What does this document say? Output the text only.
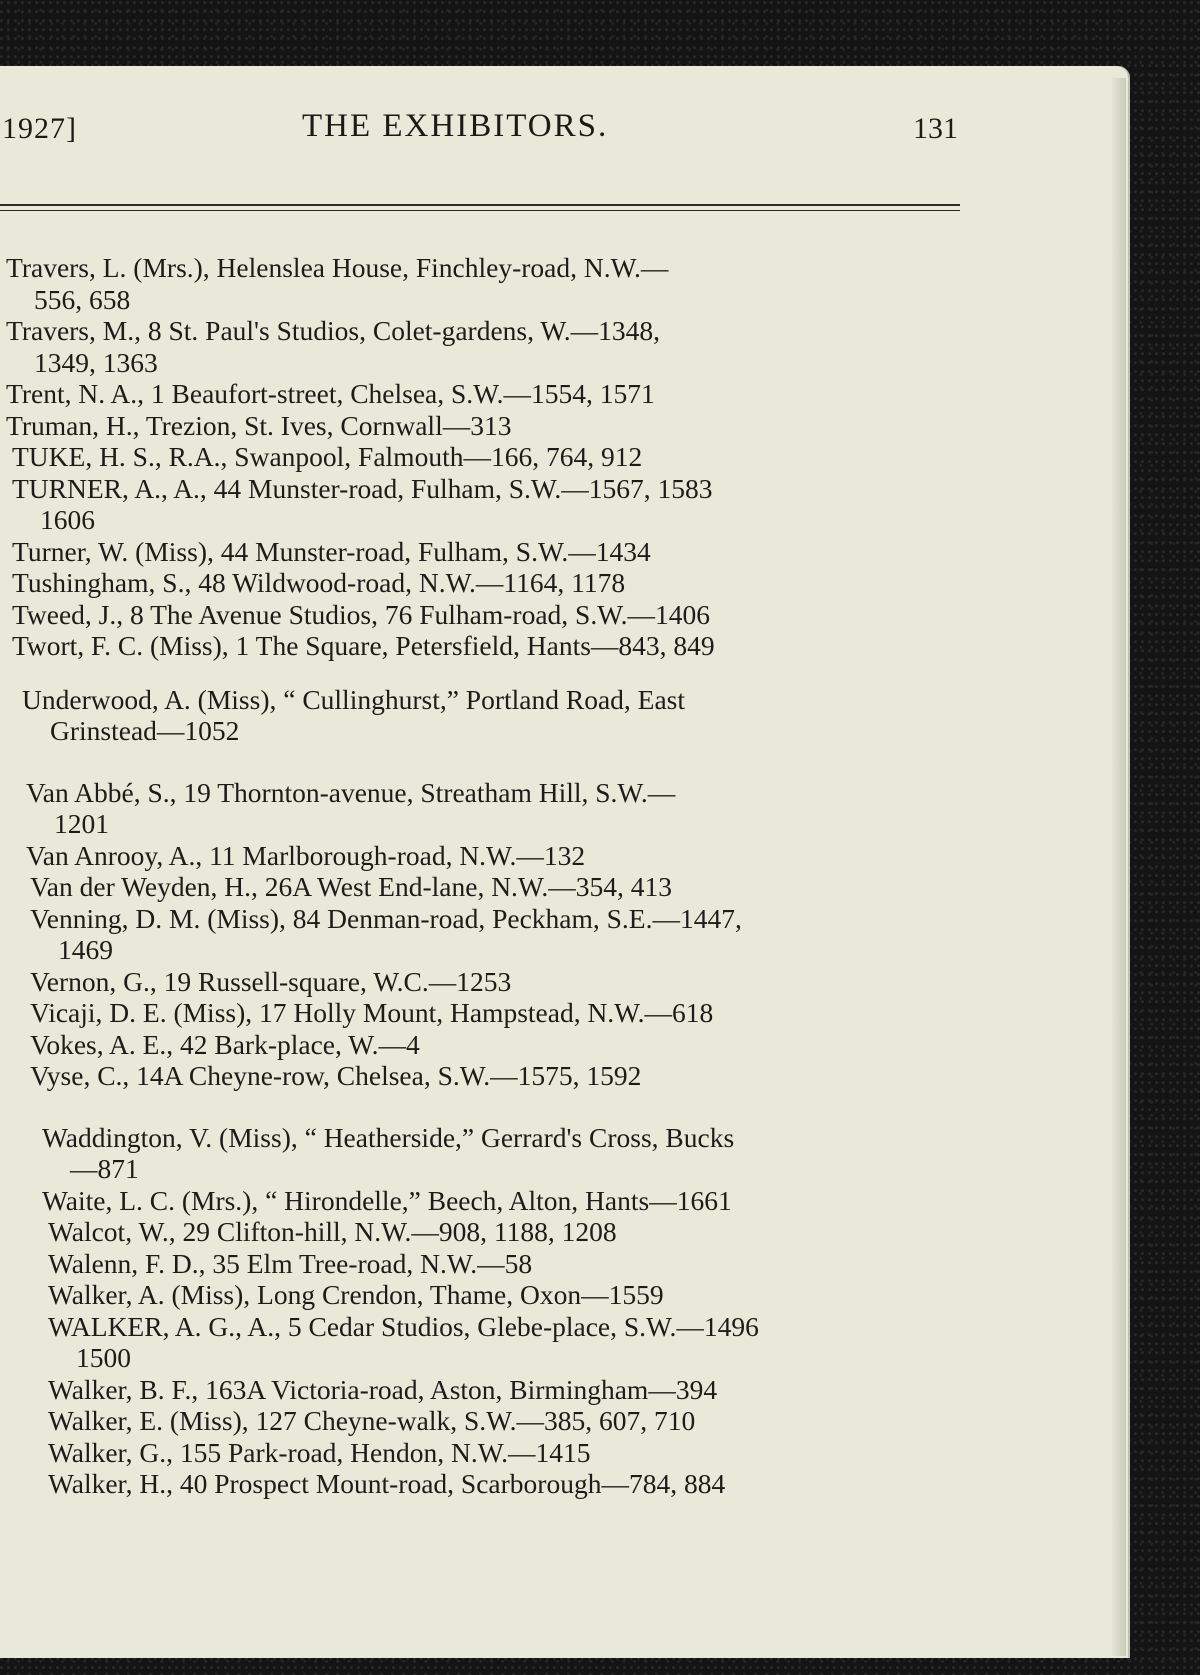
1927]	THE EXHIBITORS.	131
Travers, L. (Mrs.), Helenslea House, Finchley-road, N.W.—
556, 658
Travers, M., 8 St. Paul's Studios, Colet-gardens, W.—1348,
1349, 1363
Trent, N. A., 1 Beaufort-street, Chelsea, S.W.—1554, 1571
Truman, H., Trezion, St. Ives, Cornwall—313
TUKE, H. S., R.A., Swanpool, Falmouth—166, 764, 912
TURNER, A., A., 44 Munster-road, Fulham, S.W.—1567, 1583
1606
Turner, W. (Miss), 44 Munster-road, Fulham, S.W.—1434
Tushingham, S., 48 Wildwood-road, N.W.—1164, 1178
Tweed, J., 8 The Avenue Studios, 76 Fulham-road, S.W.—1406
Twort, F. C. (Miss), 1 The Square, Petersfield, Hants—843, 849
Underwood, A. (Miss), “ Cullinghurst,” Portland Road, East
Grinstead—1052
Van Abbé, S., 19 Thornton-avenue, Streatham Hill, S.W.—
1201
Van Anrooy, A., 11 Marlborough-road, N.W.—132
Van der Weyden, H., 26A West End-lane, N.W.—354, 413
Venning, D. M. (Miss), 84 Denman-road, Peckham, S.E.—1447,
1469
Vernon, G., 19 Russell-square, W.C.—1253
Vicaji, D. E. (Miss), 17 Holly Mount, Hampstead, N.W.—618
Vokes, A. E., 42 Bark-place, W.—4
Vyse, C., 14A Cheyne-row, Chelsea, S.W.—1575, 1592
Waddington, V. (Miss), “ Heatherside,” Gerrard's Cross, Bucks
—871
Waite, L. C. (Mrs.), “ Hirondelle,” Beech, Alton, Hants—1661
Walcot, W., 29 Clifton-hill, N.W.—908, 1188, 1208
Walenn, F. D., 35 Elm Tree-road, N.W.—58
Walker, A. (Miss), Long Crendon, Thame, Oxon—1559
WALKER, A. G., A., 5 Cedar Studios, Glebe-place, S.W.—1496
1500
Walker, B. F., 163A Victoria-road, Aston, Birmingham—394
Walker, E. (Miss), 127 Cheyne-walk, S.W.—385, 607, 710
Walker, G., 155 Park-road, Hendon, N.W.—1415
Walker, H., 40 Prospect Mount-road, Scarborough—784, 884
